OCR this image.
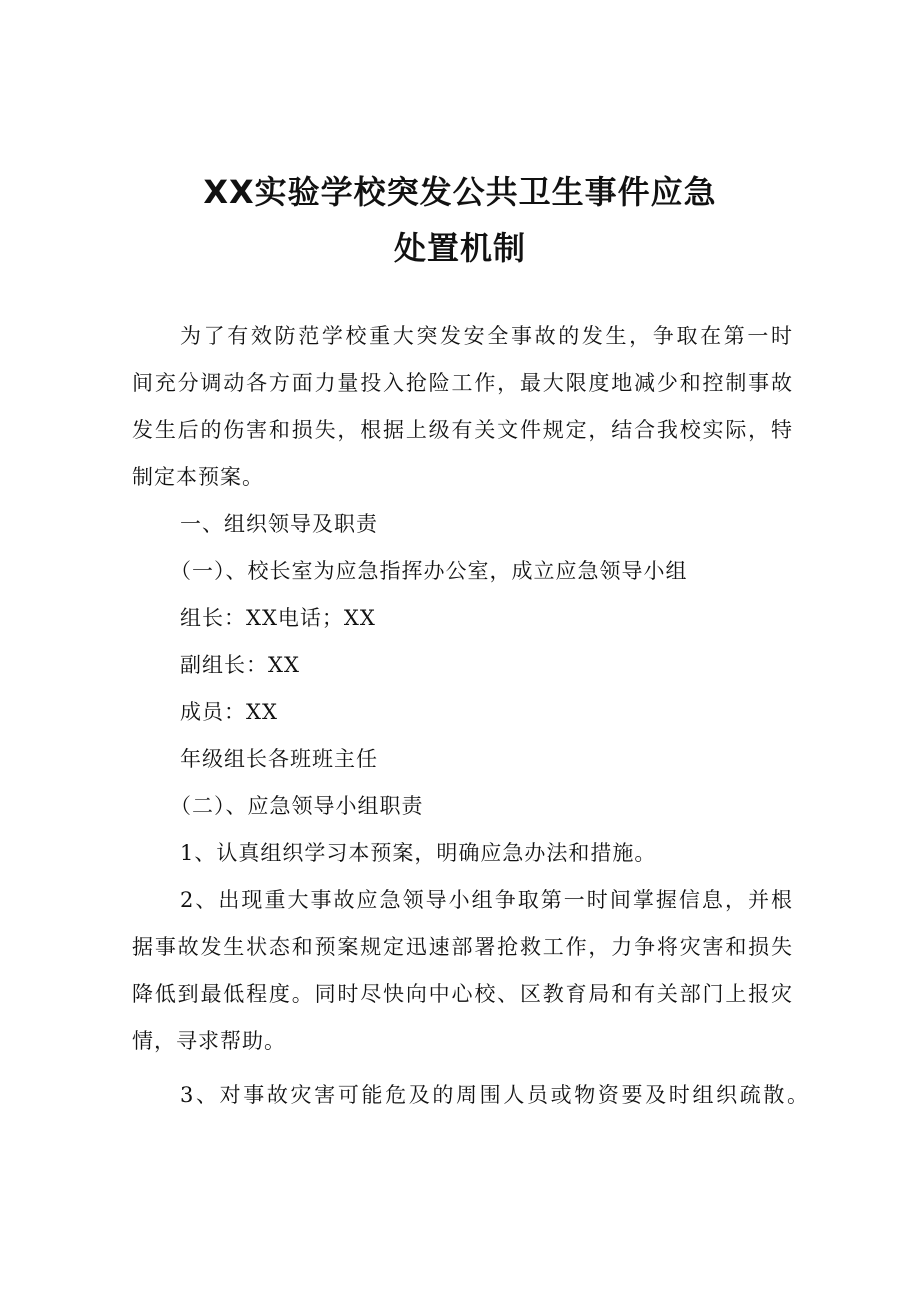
XX实验学校突发公共卫生事件应急
处置机制
为了有效防范学校重大突发安全事故的发生，争取在第一时
间充分调动各方面力量投入抢险工作，最大限度地减少和控制事故
发生后的伤害和损失，根据上级有关文件规定，结合我校实际，特
制定本预案。
一、组织领导及职责
（一）、校长室为应急指挥办公室，成立应急领导小组
组长：XX电话；XX
副组长：XX
成员：XX
年级组长各班班主任
（二）、应急领导小组职责
1、认真组织学习本预案，明确应急办法和措施。
2、出现重大事故应急领导小组争取第一时间掌握信息，并根
据事故发生状态和预案规定迅速部署抢救工作，力争将灾害和损失
降低到最低程度。同时尽快向中心校、区教育局和有关部门上报灾
情，寻求帮助。
3、对事故灾害可能危及的周围人员或物资要及时组织疏散。
